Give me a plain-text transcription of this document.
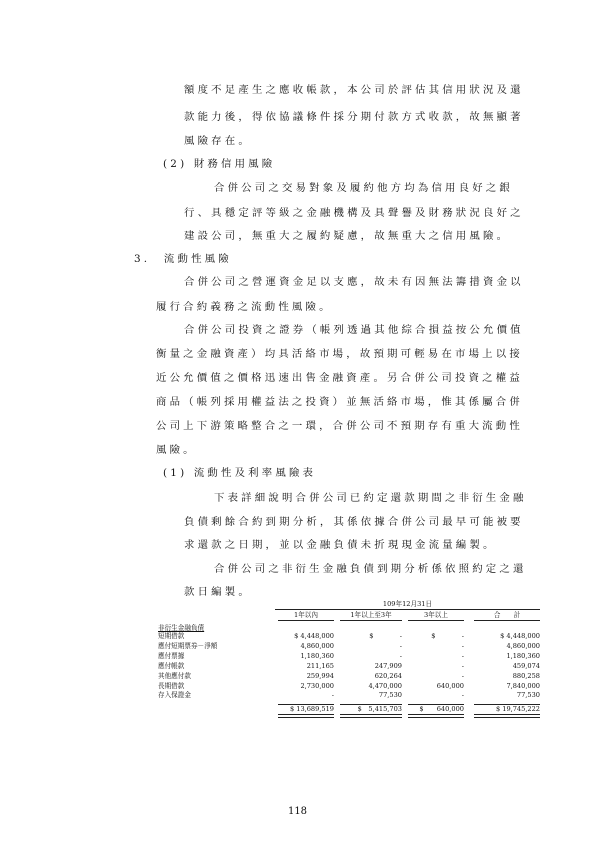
額度不足產生之應收帳款，本公司於評估其信用狀況及還
款能力後，得依協議條件採分期付款方式收款，故無顯著
風險存在。
(2) 財務信用風險
合併公司之交易對象及履約他方均為信用良好之銀
行、具穩定評等級之金融機構及具聲譽及財務狀況良好之
建設公司，無重大之履約疑慮，故無重大之信用風險。
3.　流動性風險
合併公司之營運資金足以支應，故未有因無法籌措資金以
履行合約義務之流動性風險。
合併公司投資之證券（帳列透過其他綜合損益按公允價值
衡量之金融資產）均具活絡市場，故預期可輕易在市場上以接
近公允價值之價格迅速出售金融資產。另合併公司投資之權益
商品（帳列採用權益法之投資）並無活絡市場，惟其係屬合併
公司上下游策略整合之一環，合併公司不預期存有重大流動性
風險。
(1) 流動性及利率風險表
下表詳細說明合併公司已約定還款期間之非衍生金融
負債剩餘合約到期分析，其係依據合併公司最早可能被要
求還款之日期，並以金融負債未折現現金流量編製。
合併公司之非衍生金融負債到期分析係依照約定之還
款日編製。
109年12月31日
1年以內	1年以上至3年	3年以上	合　　計
非衍生金融負債
短期借款	$ 4,448,000	$　　　　-	$　　　　-	$ 4,448,000
應付短期票券－淨額	4,860,000	-	-	4,860,000
應付票據	1,180,360	-	-	1,180,360
應付帳款	211,165	247,909	-	459,074
其他應付款	259,994	620,264	-	880,258
長期借款	2,730,000	4,470,000	640,000	7,840,000
存入保證金	-	77,530	-	77,530
$ 13,689,519	$　5,415,703	$　　640,000	$ 19,745,222
118
